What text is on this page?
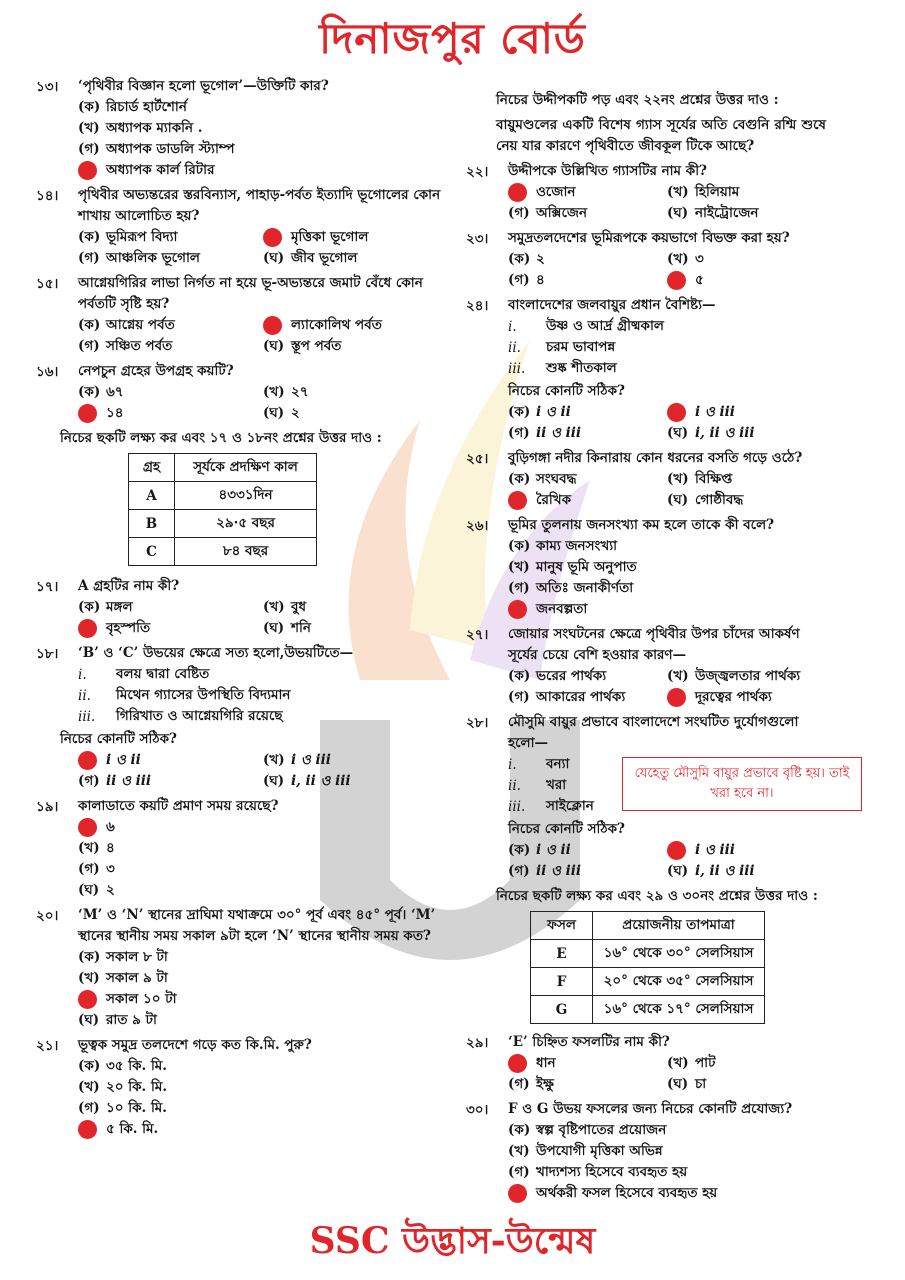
দিনাজপুর বোর্ড
১৩।	‘পৃথিবীর বিজ্ঞান হলো ভূগোল’—উক্তিটি কার?
(ক) রিচার্ড হার্টশোর্ন
(খ) অধ্যাপক ম্যাকনি .
(গ) অধ্যাপক ডাডলি স্ট্যাম্প
অধ্যাপক কার্ল রিটার
১৪।	পৃথিবীর অভ্যন্তরের স্তরবিন্যাস, পাহাড়-পর্বত ইত্যাদি ভূগোলের কোন শাখায় আলোচিত হয়?
(ক) ভূমিরূপ বিদ্যা	মৃত্তিকা ভূগোল
(গ) আঞ্চলিক ভূগোল	(ঘ) জীব ভূগোল
১৫।	আগ্নেয়গিরির লাভা নির্গত না হয়ে ভূ-অভ্যন্তরে জমাট বেঁধে কোন পর্বতটি সৃষ্টি হয়?
(ক) আগ্নেয় পর্বত	ল্যাকোলিথ পর্বত
(গ) সঞ্চিত পর্বত	(ঘ) স্তূপ পর্বত
১৬।	নেপচুন গ্রহের উপগ্রহ কয়টি?
(ক) ৬৭	(খ) ২৭
১৪	(ঘ) ২
নিচের ছকটি লক্ষ্য কর এবং ১৭ ও ১৮নং প্রশ্নের উত্তর দাও :
গ্রহ	সূর্যকে প্রদক্ষিণ কাল
A	৪৩৩১দিন
B	২৯·৫ বছর
C	৮৪ বছর
১৭।	A গ্রহটির নাম কী?
(ক) মঙ্গল	(খ) বুধ
বৃহস্পতি	(ঘ) শনি
১৮।	‘B’ ও ‘C’ উভয়ের ক্ষেত্রে সত্য হলো,উভয়টিতে—
i.	বলয় দ্বারা বেষ্টিত
ii.	মিথেন গ্যাসের উপস্থিতি বিদ্যমান
iii.	গিরিখাত ও আগ্নেয়গিরি রয়েছে
নিচের কোনটি সঠিক?
i ও ii	(খ) i ও iii
(গ) ii ও iii	(ঘ) i, ii ও iii
১৯।	কালাডাতে কয়টি প্রমাণ সময় রয়েছে?
৬
(খ) ৪
(গ) ৩
(ঘ) ২
২০।	‘M’ ও ‘N’ স্থানের দ্রাঘিমা যথাক্রমে ৩০° পূর্ব এবং ৪৫° পূর্ব। ‘M’ স্থানের স্থানীয় সময় সকাল ৯টা হলে ‘N’ স্থানের স্থানীয় সময় কত?
(ক) সকাল ৮ টা
(খ) সকাল ৯ টা
সকাল ১০ টা
(ঘ) রাত ৯ টা
২১।	ভূত্বক সমুদ্র তলদেশে গড়ে কত কি.মি. পুরু?
(ক) ৩৫ কি. মি.
(খ) ২০ কি. মি.
(গ) ১০ কি. মি.
৫ কি. মি.
নিচের উদ্দীপকটি পড় এবং ২২নং প্রশ্নের উত্তর দাও :
বায়ুমণ্ডলের একটি বিশেষ গ্যাস সূর্যের অতি বেগুনি রশ্মি শুষে নেয় যার কারণে পৃথিবীতে জীবকূল টিকে আছে?
২২।	উদ্দীপকে উল্লিখিত গ্যাসটির নাম কী?
ওজোন	(খ) হিলিয়াম
(গ) অক্সিজেন	(ঘ) নাইট্রোজেন
২৩।	সমুদ্রতলদেশের ভূমিরূপকে কয়ভাগে বিভক্ত করা হয়?
(ক) ২	(খ) ৩
(গ) ৪	৫
২৪।	বাংলাদেশের জলবায়ুর প্রধান বৈশিষ্ট্য—
i.	উষ্ণ ও আর্দ্র গ্রীষ্মকাল
ii.	চরম ভাবাপন্ন
iii.	শুষ্ক শীতকাল
নিচের কোনটি সঠিক?
(ক) i ও ii	i ও iii
(গ) ii ও iii	(ঘ) i, ii ও iii
২৫।	বুড়িগঙ্গা নদীর কিনারায় কোন ধরনের বসতি গড়ে ওঠে?
(ক) সংঘবদ্ধ	(খ) বিক্ষিপ্ত
রৈখিক	(ঘ) গোষ্ঠীবদ্ধ
২৬।	ভূমির তুলনায় জনসংখ্যা কম হলে তাকে কী বলে?
(ক) কাম্য জনসংখ্যা
(খ) মানুষ ভূমি অনুপাত
(গ) অতিঃ জনাকীর্ণতা
জনবল্পতা
২৭।	জোয়ার সংঘটনের ক্ষেত্রে পৃথিবীর উপর চাঁদের আকর্ষণ সূর্যের চেয়ে বেশি হওয়ার কারণ—
(ক) ভরের পার্থক্য	(খ) উজ্জ্বলতার পার্থক্য
(গ) আকারের পার্থক্য	দূরত্বের পার্থক্য
২৮।	মৌসুমি বায়ুর প্রভাবে বাংলাদেশে সংঘটিত দুর্যোগগুলো হলো—
i.	বন্যা
ii.	খরা
iii.	সাইক্লোন
নিচের কোনটি সঠিক?
(ক) i ও ii	i ও iii
(গ) ii ও iii	(ঘ) i, ii ও iii
নিচের ছকটি লক্ষ্য কর এবং ২৯ ও ৩০নং প্রশ্নের উত্তর দাও :
ফসল	প্রয়োজনীয় তাপমাত্রা
E	১৬° থেকে ৩০° সেলসিয়াস
F	২০° থেকে ৩৫° সেলসিয়াস
G	১৬° থেকে ১৭° সেলসিয়াস
২৯।	‘E’ চিহ্নিত ফসলটির নাম কী?
ধান	(খ) পাট
(গ) ইক্ষু	(ঘ) চা
৩০।	F ও G উভয় ফসলের জন্য নিচের কোনটি প্রযোজ্য?
(ক) স্বল্প বৃষ্টিপাতের প্রয়োজন
(খ) উপযোগী মৃত্তিকা অভিন্ন
(গ) খাদ্যশস্য হিসেবে ব্যবহৃত হয়
অর্থকরী ফসল হিসেবে ব্যবহৃত হয়
যেহেতু মৌসুমি বায়ুর প্রভাবে বৃষ্টি হয়। তাই খরা হবে না।
SSC উদ্ভাস-উন্মেষ
